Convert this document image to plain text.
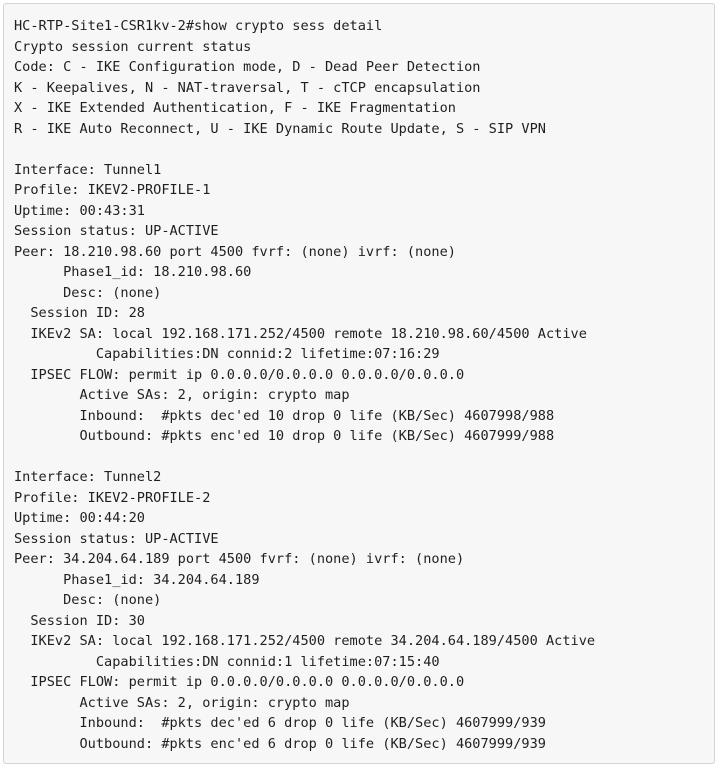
HC-RTP-Site1-CSR1kv-2#show crypto sess detail
Crypto session current status
Code: C - IKE Configuration mode, D - Dead Peer Detection
K - Keepalives, N - NAT-traversal, T - cTCP encapsulation
X - IKE Extended Authentication, F - IKE Fragmentation
R - IKE Auto Reconnect, U - IKE Dynamic Route Update, S - SIP VPN
Interface: Tunnel1
Profile: IKEV2-PROFILE-1
Uptime: 00:43:31
Session status: UP-ACTIVE
Peer: 18.210.98.60 port 4500 fvrf: (none) ivrf: (none)
Phase1_id: 18.210.98.60
Desc: (none)
Session ID: 28
IKEv2 SA: local 192.168.171.252/4500 remote 18.210.98.60/4500 Active
Capabilities:DN connid:2 lifetime:07:16:29
IPSEC FLOW: permit ip 0.0.0.0/0.0.0.0 0.0.0.0/0.0.0.0
Active SAs: 2, origin: crypto map
Inbound:  #pkts dec'ed 10 drop 0 life (KB/Sec) 4607998/988
Outbound: #pkts enc'ed 10 drop 0 life (KB/Sec) 4607999/988
Interface: Tunnel2
Profile: IKEV2-PROFILE-2
Uptime: 00:44:20
Session status: UP-ACTIVE
Peer: 34.204.64.189 port 4500 fvrf: (none) ivrf: (none)
Phase1_id: 34.204.64.189
Desc: (none)
Session ID: 30
IKEv2 SA: local 192.168.171.252/4500 remote 34.204.64.189/4500 Active
Capabilities:DN connid:1 lifetime:07:15:40
IPSEC FLOW: permit ip 0.0.0.0/0.0.0.0 0.0.0.0/0.0.0.0
Active SAs: 2, origin: crypto map
Inbound:  #pkts dec'ed 6 drop 0 life (KB/Sec) 4607999/939
Outbound: #pkts enc'ed 6 drop 0 life (KB/Sec) 4607999/939
